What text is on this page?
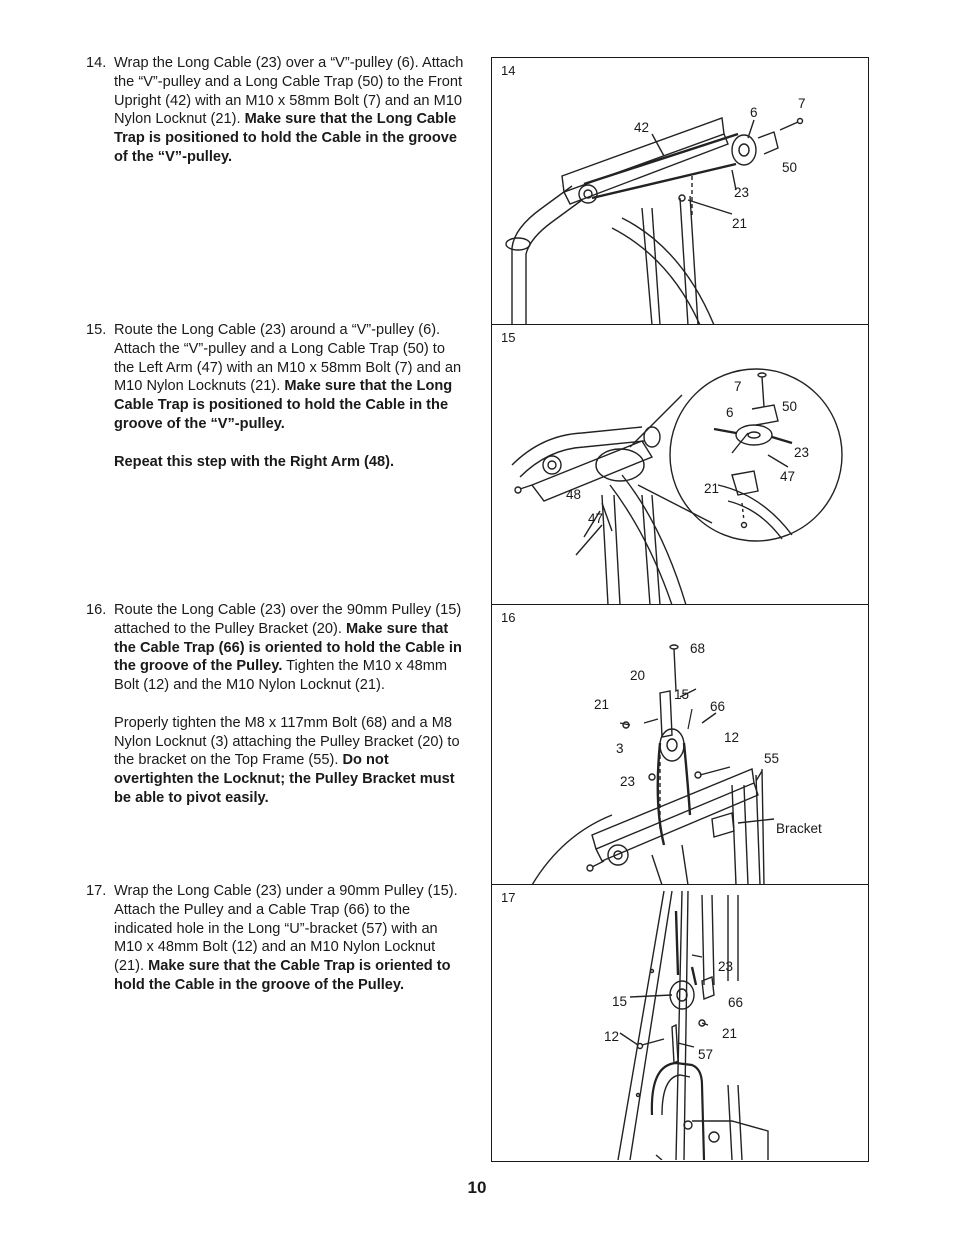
14. Wrap the Long Cable (23) over a “V”-pulley (6). Attach the “V”-pulley and a Long Cable Trap (50) to the Front Upright (42) with an M10 x 58mm Bolt (7) and an M10 Nylon Locknut (21). Make sure that the Long Cable Trap is positioned to hold the Cable in the groove of the “V”-pulley.

15. Route the Long Cable (23) around a “V”-pulley (6). Attach the “V”-pulley and a Long Cable Trap (50) to the Left Arm (47) with an M10 x 58mm Bolt (7) and an M10 Nylon Locknuts (21). Make sure that the Long Cable Trap is positioned to hold the Cable in the groove of the “V”-pulley.

Repeat this step with the Right Arm (48).

16. Route the Long Cable (23) over the 90mm Pulley (15) attached to the Pulley Bracket (20). Make sure that the Cable Trap (66) is oriented to hold the Cable in the groove of the Pulley. Tighten the M10 x 48mm Bolt (12) and the M10 Nylon Locknut (21).

Properly tighten the M8 x 117mm Bolt (68) and a M8 Nylon Locknut (3) attaching the Pulley Bracket (20) to the bracket on the Top Frame (55). Do not overtighten the Locknut; the Pulley Bracket must be able to pivot easily.

17. Wrap the Long Cable (23) under a 90mm Pulley (15). Attach the Pulley and a Cable Trap (66) to the indicated hole in the Long “U”-bracket (57) with an M10 x 48mm Bolt (12) and an M10 Nylon Locknut (21). Make sure that the Cable Trap is oriented to hold the Cable in the groove of the Pulley.

14
42
6
7
50
23
21
15
7
6	50
23
21
47
48
47
16
68
20
15
66
21
12
3
55
23
Bracket
17
23
15	66
12	21
57
10
